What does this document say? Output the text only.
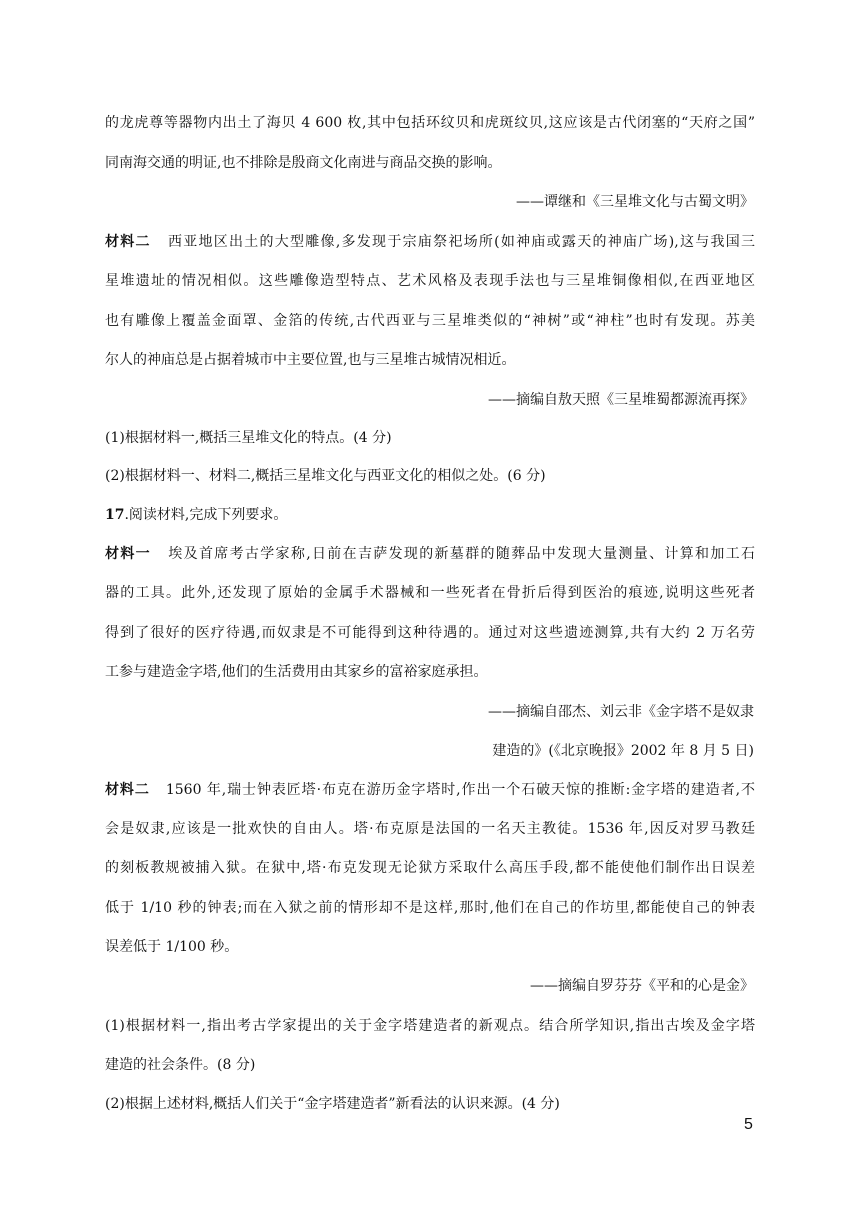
的龙虎尊等器物内出土了海贝 4 600 枚,其中包括环纹贝和虎斑纹贝,这应该是古代闭塞的“天府之国”
同南海交通的明证,也不排除是殷商文化南进与商品交换的影响。
——谭继和《三星堆文化与古蜀文明》
材料二 西亚地区出土的大型雕像,多发现于宗庙祭祀场所(如神庙或露天的神庙广场),这与我国三
星堆遗址的情况相似。这些雕像造型特点、艺术风格及表现手法也与三星堆铜像相似,在西亚地区
也有雕像上覆盖金面罩、金箔的传统,古代西亚与三星堆类似的“神树”或“神柱”也时有发现。苏美
尔人的神庙总是占据着城市中主要位置,也与三星堆古城情况相近。
——摘编自敖天照《三星堆蜀都源流再探》
(1)根据材料一,概括三星堆文化的特点。(4 分)
(2)根据材料一、材料二,概括三星堆文化与西亚文化的相似之处。(6 分)
17.阅读材料,完成下列要求。
材料一 埃及首席考古学家称,日前在吉萨发现的新墓群的随葬品中发现大量测量、计算和加工石
器的工具。此外,还发现了原始的金属手术器械和一些死者在骨折后得到医治的痕迹,说明这些死者
得到了很好的医疗待遇,而奴隶是不可能得到这种待遇的。通过对这些遗迹测算,共有大约 2 万名劳
工参与建造金字塔,他们的生活费用由其家乡的富裕家庭承担。
——摘编自邵杰、刘云非《金字塔不是奴隶
建造的》(《北京晚报》2002 年 8 月 5 日)
材料二 1560 年,瑞士钟表匠塔·布克在游历金字塔时,作出一个石破天惊的推断:金字塔的建造者,不
会是奴隶,应该是一批欢快的自由人。塔·布克原是法国的一名天主教徒。1536 年,因反对罗马教廷
的刻板教规被捕入狱。在狱中,塔·布克发现无论狱方采取什么高压手段,都不能使他们制作出日误差
低于 1/10 秒的钟表;而在入狱之前的情形却不是这样,那时,他们在自己的作坊里,都能使自己的钟表
误差低于 1/100 秒。
——摘编自罗芬芬《平和的心是金》
(1)根据材料一,指出考古学家提出的关于金字塔建造者的新观点。结合所学知识,指出古埃及金字塔
建造的社会条件。(8 分)
(2)根据上述材料,概括人们关于“金字塔建造者”新看法的认识来源。(4 分)
5
